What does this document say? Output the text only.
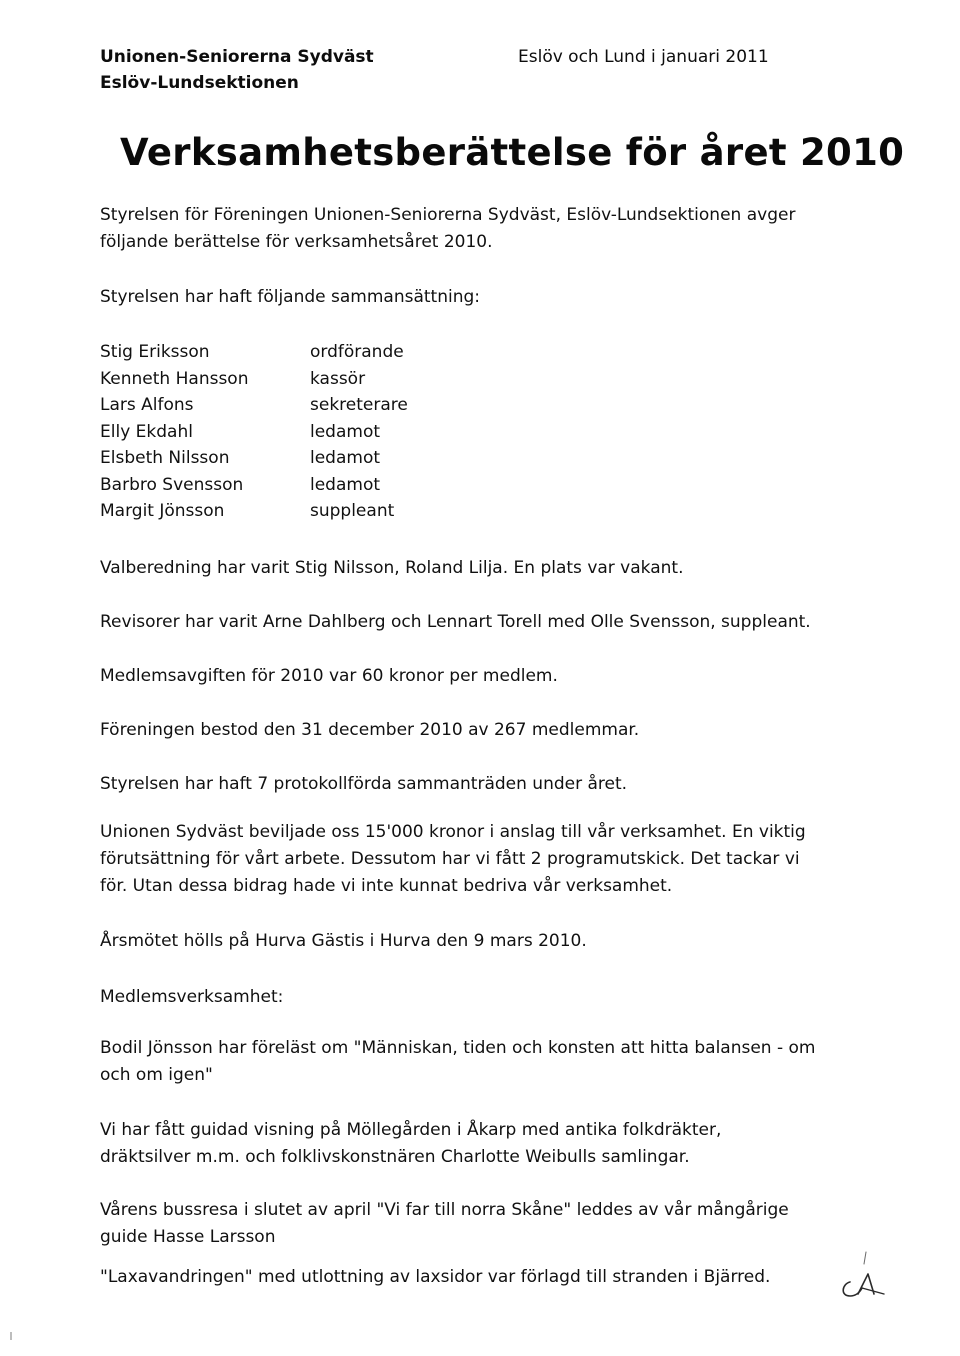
Unionen-Seniorerna Sydväst
Eslöv-Lundsektionen
Eslöv och Lund i januari 2011
Verksamhetsberättelse för året 2010
Styrelsen för Föreningen Unionen-Seniorerna Sydväst, Eslöv-Lundsektionen avger
följande berättelse för verksamhetsåret 2010.
Styrelsen har haft följande sammansättning:
Stig Eriksson	ordförande
Kenneth Hansson	kassör
Lars Alfons	sekreterare
Elly Ekdahl	ledamot
Elsbeth Nilsson	ledamot
Barbro Svensson	ledamot
Margit Jönsson	suppleant
Valberedning har varit Stig Nilsson, Roland Lilja. En plats var vakant.
Revisorer har varit Arne Dahlberg och Lennart Torell med Olle Svensson, suppleant.
Medlemsavgiften för 2010 var 60 kronor per medlem.
Föreningen bestod den 31 december 2010 av 267 medlemmar.
Styrelsen har haft 7 protokollförda sammanträden under året.
Unionen Sydväst beviljade oss 15'000 kronor i anslag till vår verksamhet. En viktig
förutsättning för vårt arbete. Dessutom har vi fått 2 programutskick. Det tackar vi
för. Utan dessa bidrag hade vi inte kunnat bedriva vår verksamhet.
Årsmötet hölls på Hurva Gästis i Hurva den 9 mars 2010.
Medlemsverksamhet:
Bodil Jönsson har föreläst om "Människan, tiden och konsten att hitta balansen - om
och om igen"
Vi har fått guidad visning på Möllegården i Åkarp med antika folkdräkter,
dräktsilver m.m. och folklivskonstnären Charlotte Weibulls samlingar.
Vårens bussresa i slutet av april "Vi far till norra Skåne" leddes av vår mångårige
guide Hasse Larsson
"Laxavandringen" med utlottning av laxsidor var förlagd till stranden i Bjärred.
